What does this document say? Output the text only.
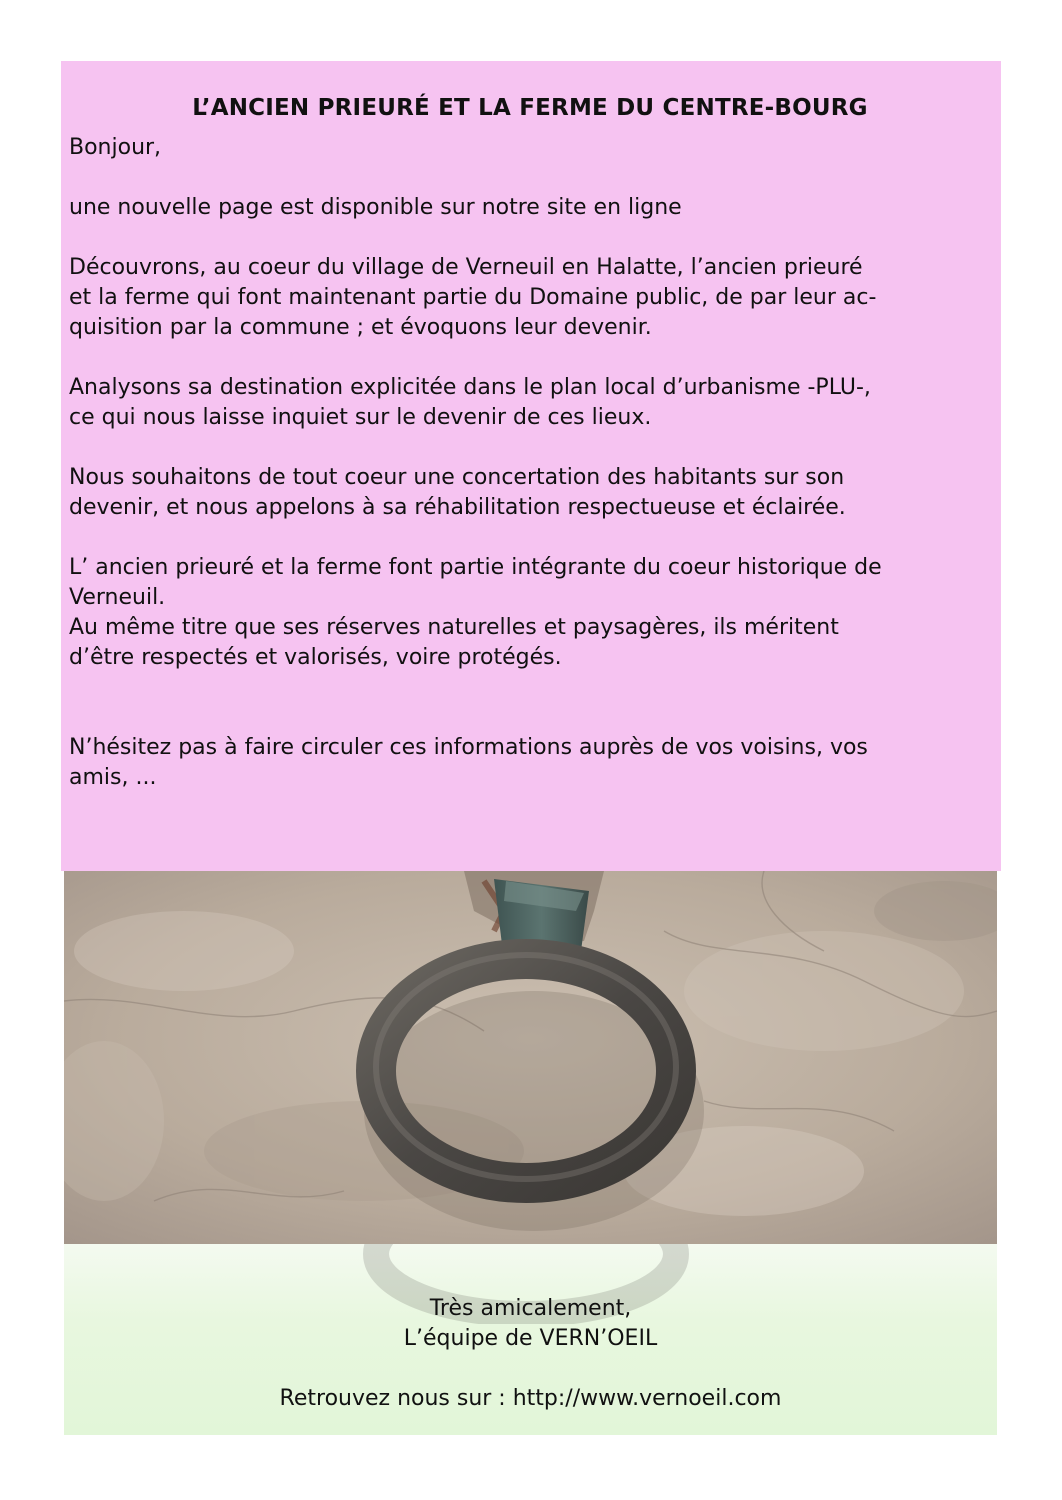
L’ANCIEN PRIEURÉ ET LA FERME DU CENTRE-BOURG

Bonjour,

une nouvelle page est disponible sur notre site en ligne

Découvrons, au coeur du village de Verneuil en Halatte, l’ancien prieuré
et la ferme qui font maintenant partie du Domaine public, de par leur ac-
quisition par la commune ; et évoquons leur devenir.

Analysons sa destination explicitée dans le plan local d’urbanisme -PLU-,
ce qui nous laisse inquiet sur le devenir de ces lieux.

Nous souhaitons de tout coeur une concertation des habitants sur son
devenir, et nous appelons à sa réhabilitation respectueuse et éclairée.

L’ ancien prieuré et la ferme font partie intégrante du coeur historique de
Verneuil.
Au même titre que ses réserves naturelles et paysagères, ils méritent
d’être respectés et valorisés, voire protégés.

N’hésitez pas à faire circuler ces informations auprès de vos voisins, vos
amis, ...

Très amicalement,
L’équipe de VERN’OEIL
Retrouvez nous sur : http://www.vernoeil.com
